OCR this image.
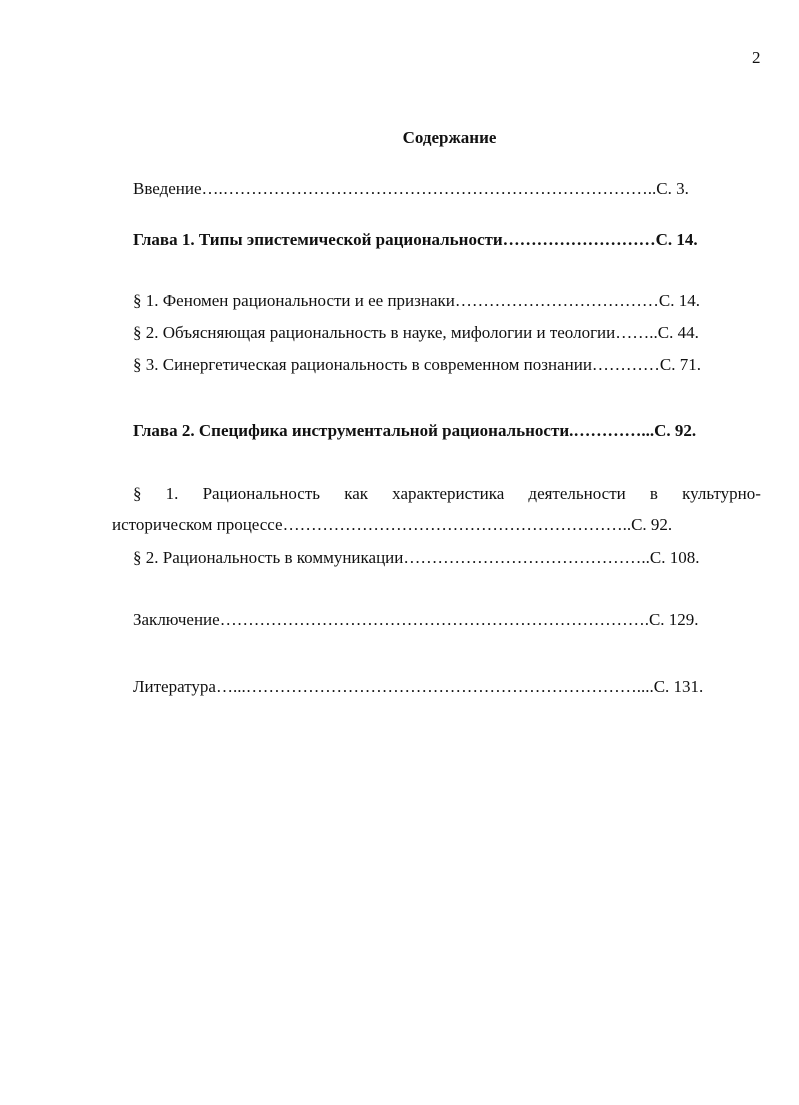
2
Содержание
Введение….…………………………………………………………………..С. 3.
Глава 1. Типы эпистемической рациональности………………………С. 14.
§ 1. Феномен рациональности и ее признаки………………………………С. 14.
§ 2. Объясняющая рациональность в науке, мифологии и теологии……..С. 44.
§ 3. Синергетическая рациональность в современном познании…………С. 71.
Глава 2. Специфика инструментальной рациональности.…………...С. 92.
§ 1. Рациональность как характеристика деятельности в культурно-
историческом процессе……………………………………………………..С. 92.
§ 2. Рациональность в коммуникации……………………………………..С. 108.
Заключение………………………………………………………………….С. 129.
Литература…...……………………………………………………………....С. 131.
